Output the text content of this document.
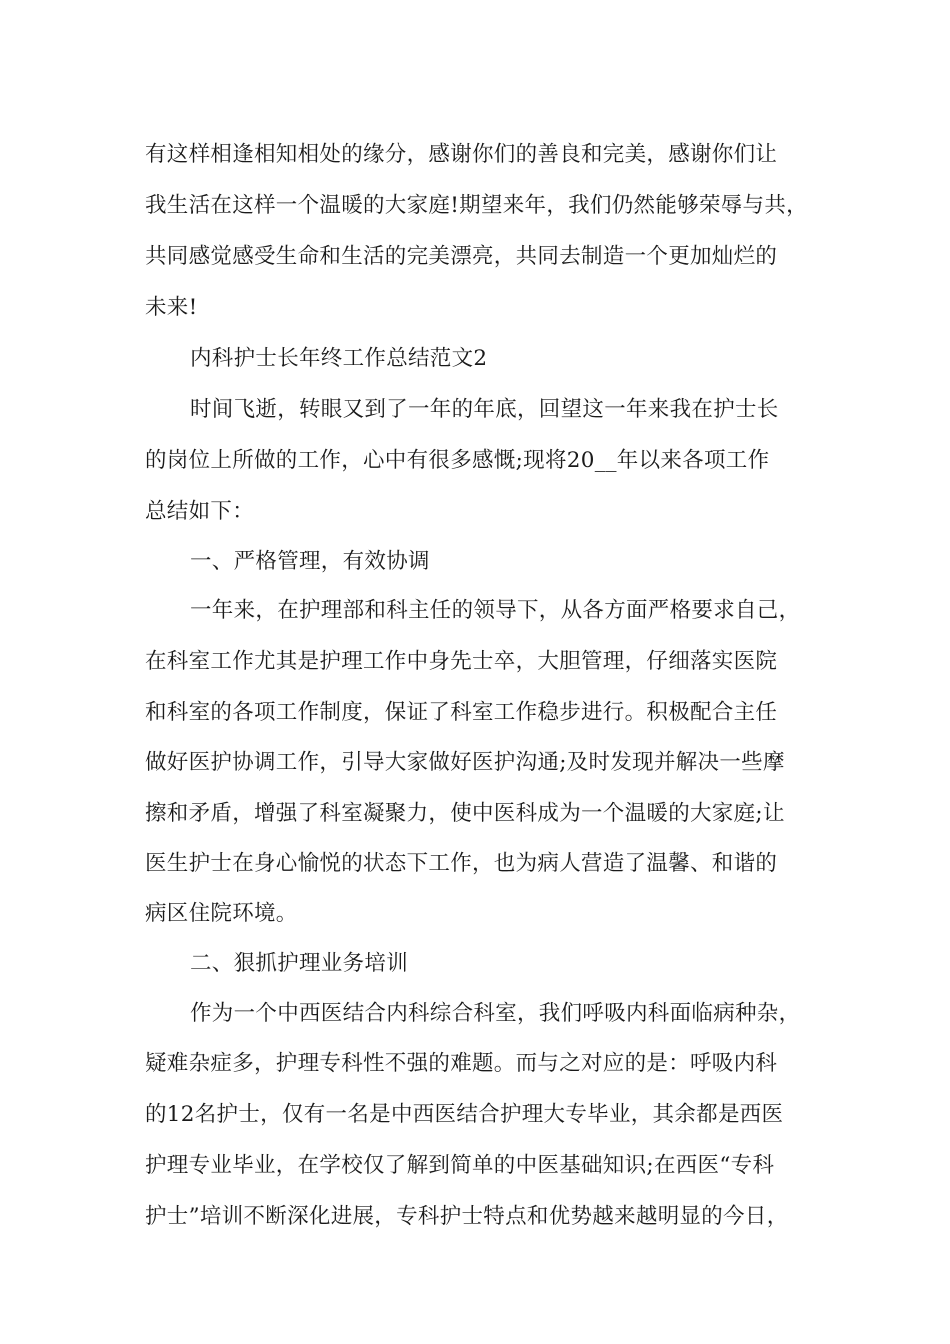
有这样相逢相知相处的缘分，感谢你们的善良和完美，感谢你们让
我生活在这样一个温暖的大家庭!期望来年，我们仍然能够荣辱与共，
共同感觉感受生命和生活的完美漂亮，共同去制造一个更加灿烂的
未来!
内科护士长年终工作总结范文2
时间飞逝，转眼又到了一年的年底，回望这一年来我在护士长
的岗位上所做的工作，心中有很多感慨;现将20__年以来各项工作
总结如下：
一、严格管理，有效协调
一年来，在护理部和科主任的领导下，从各方面严格要求自己，
在科室工作尤其是护理工作中身先士卒，大胆管理，仔细落实医院
和科室的各项工作制度，保证了科室工作稳步进行。积极配合主任
做好医护协调工作，引导大家做好医护沟通;及时发现并解决一些摩
擦和矛盾，增强了科室凝聚力，使中医科成为一个温暖的大家庭;让
医生护士在身心愉悦的状态下工作，也为病人营造了温馨、和谐的
病区住院环境。
二、狠抓护理业务培训
作为一个中西医结合内科综合科室，我们呼吸内科面临病种杂，
疑难杂症多，护理专科性不强的难题。而与之对应的是：呼吸内科
的12名护士，仅有一名是中西医结合护理大专毕业，其余都是西医
护理专业毕业，在学校仅了解到简单的中医基础知识;在西医“专科
护士”培训不断深化进展，专科护士特点和优势越来越明显的今日，
